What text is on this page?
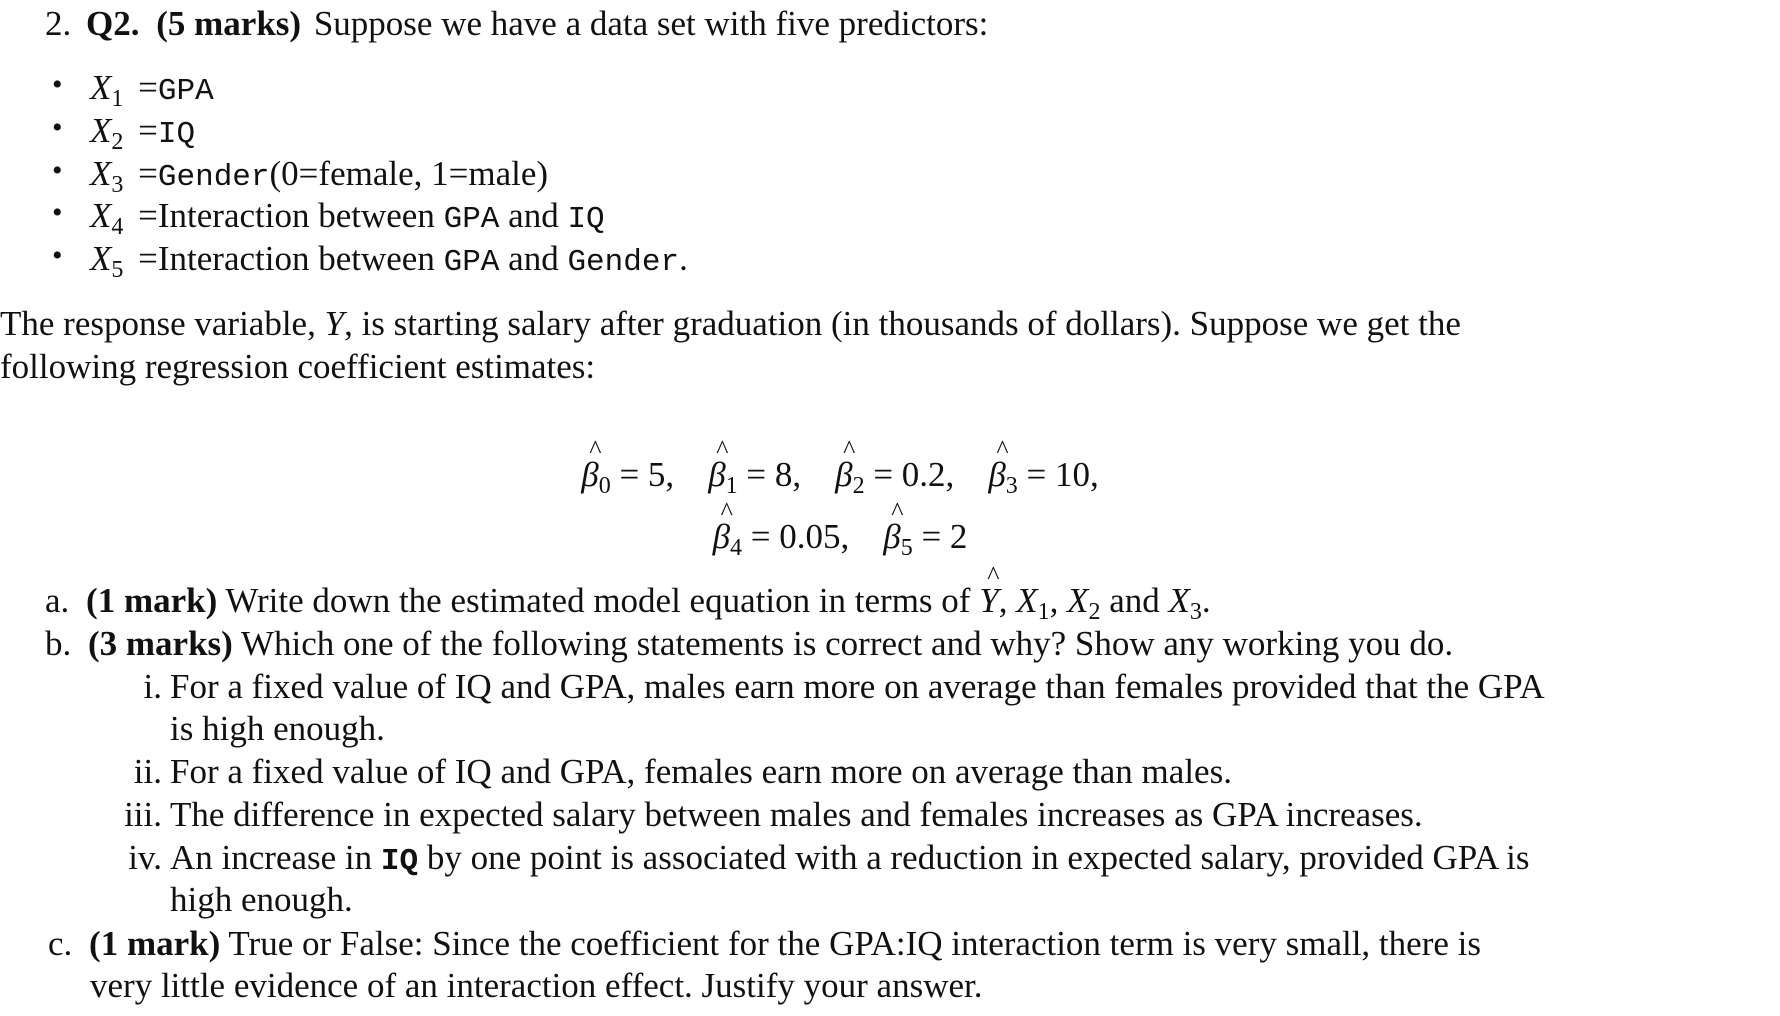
2. Q2. (5 marks) Suppose we have a data set with five predictors:
• $X_1 =GPA$
• $X_2 =IQ$
• $X_3$ =Gender(0=female, 1=male)
• $X_4$ =Interaction between GPA and IQ
• $X_5$ =Interaction between GPA and Gender.
The response variable, Y, is starting salary after graduation (in thousands of dollars). Suppose we get the
following regression coefficient estimates:
^ $\beta_0 = 5$, ^ $\beta_1 = 8$, ^ $\beta_2 = 0.2$, ^ $\beta_3 = 10$,
^ $\beta_4 = 0.05$, ^ $\beta_5 = 2$
a. (1 mark) Write down the estimated model equation in terms of ^ Y, $X_1$, $X_2$ and $X_3$.
b. (3 marks) Which one of the following statements is correct and why? Show any working you do.
i. For a fixed value of IQ and GPA, males earn more on average than females provided that the GPA
is high enough.
ii. For a fixed value of IQ and GPA, females earn more on average than males.
iii. The difference in expected salary between males and females increases as GPA increases.
iv. An increase in IQ by one point is associated with a reduction in expected salary, provided GPA is
high enough.
c. (1 mark) True or False: Since the coefficient for the GPA:IQ interaction term is very small, there is
very little evidence of an interaction effect. Justify your answer.
